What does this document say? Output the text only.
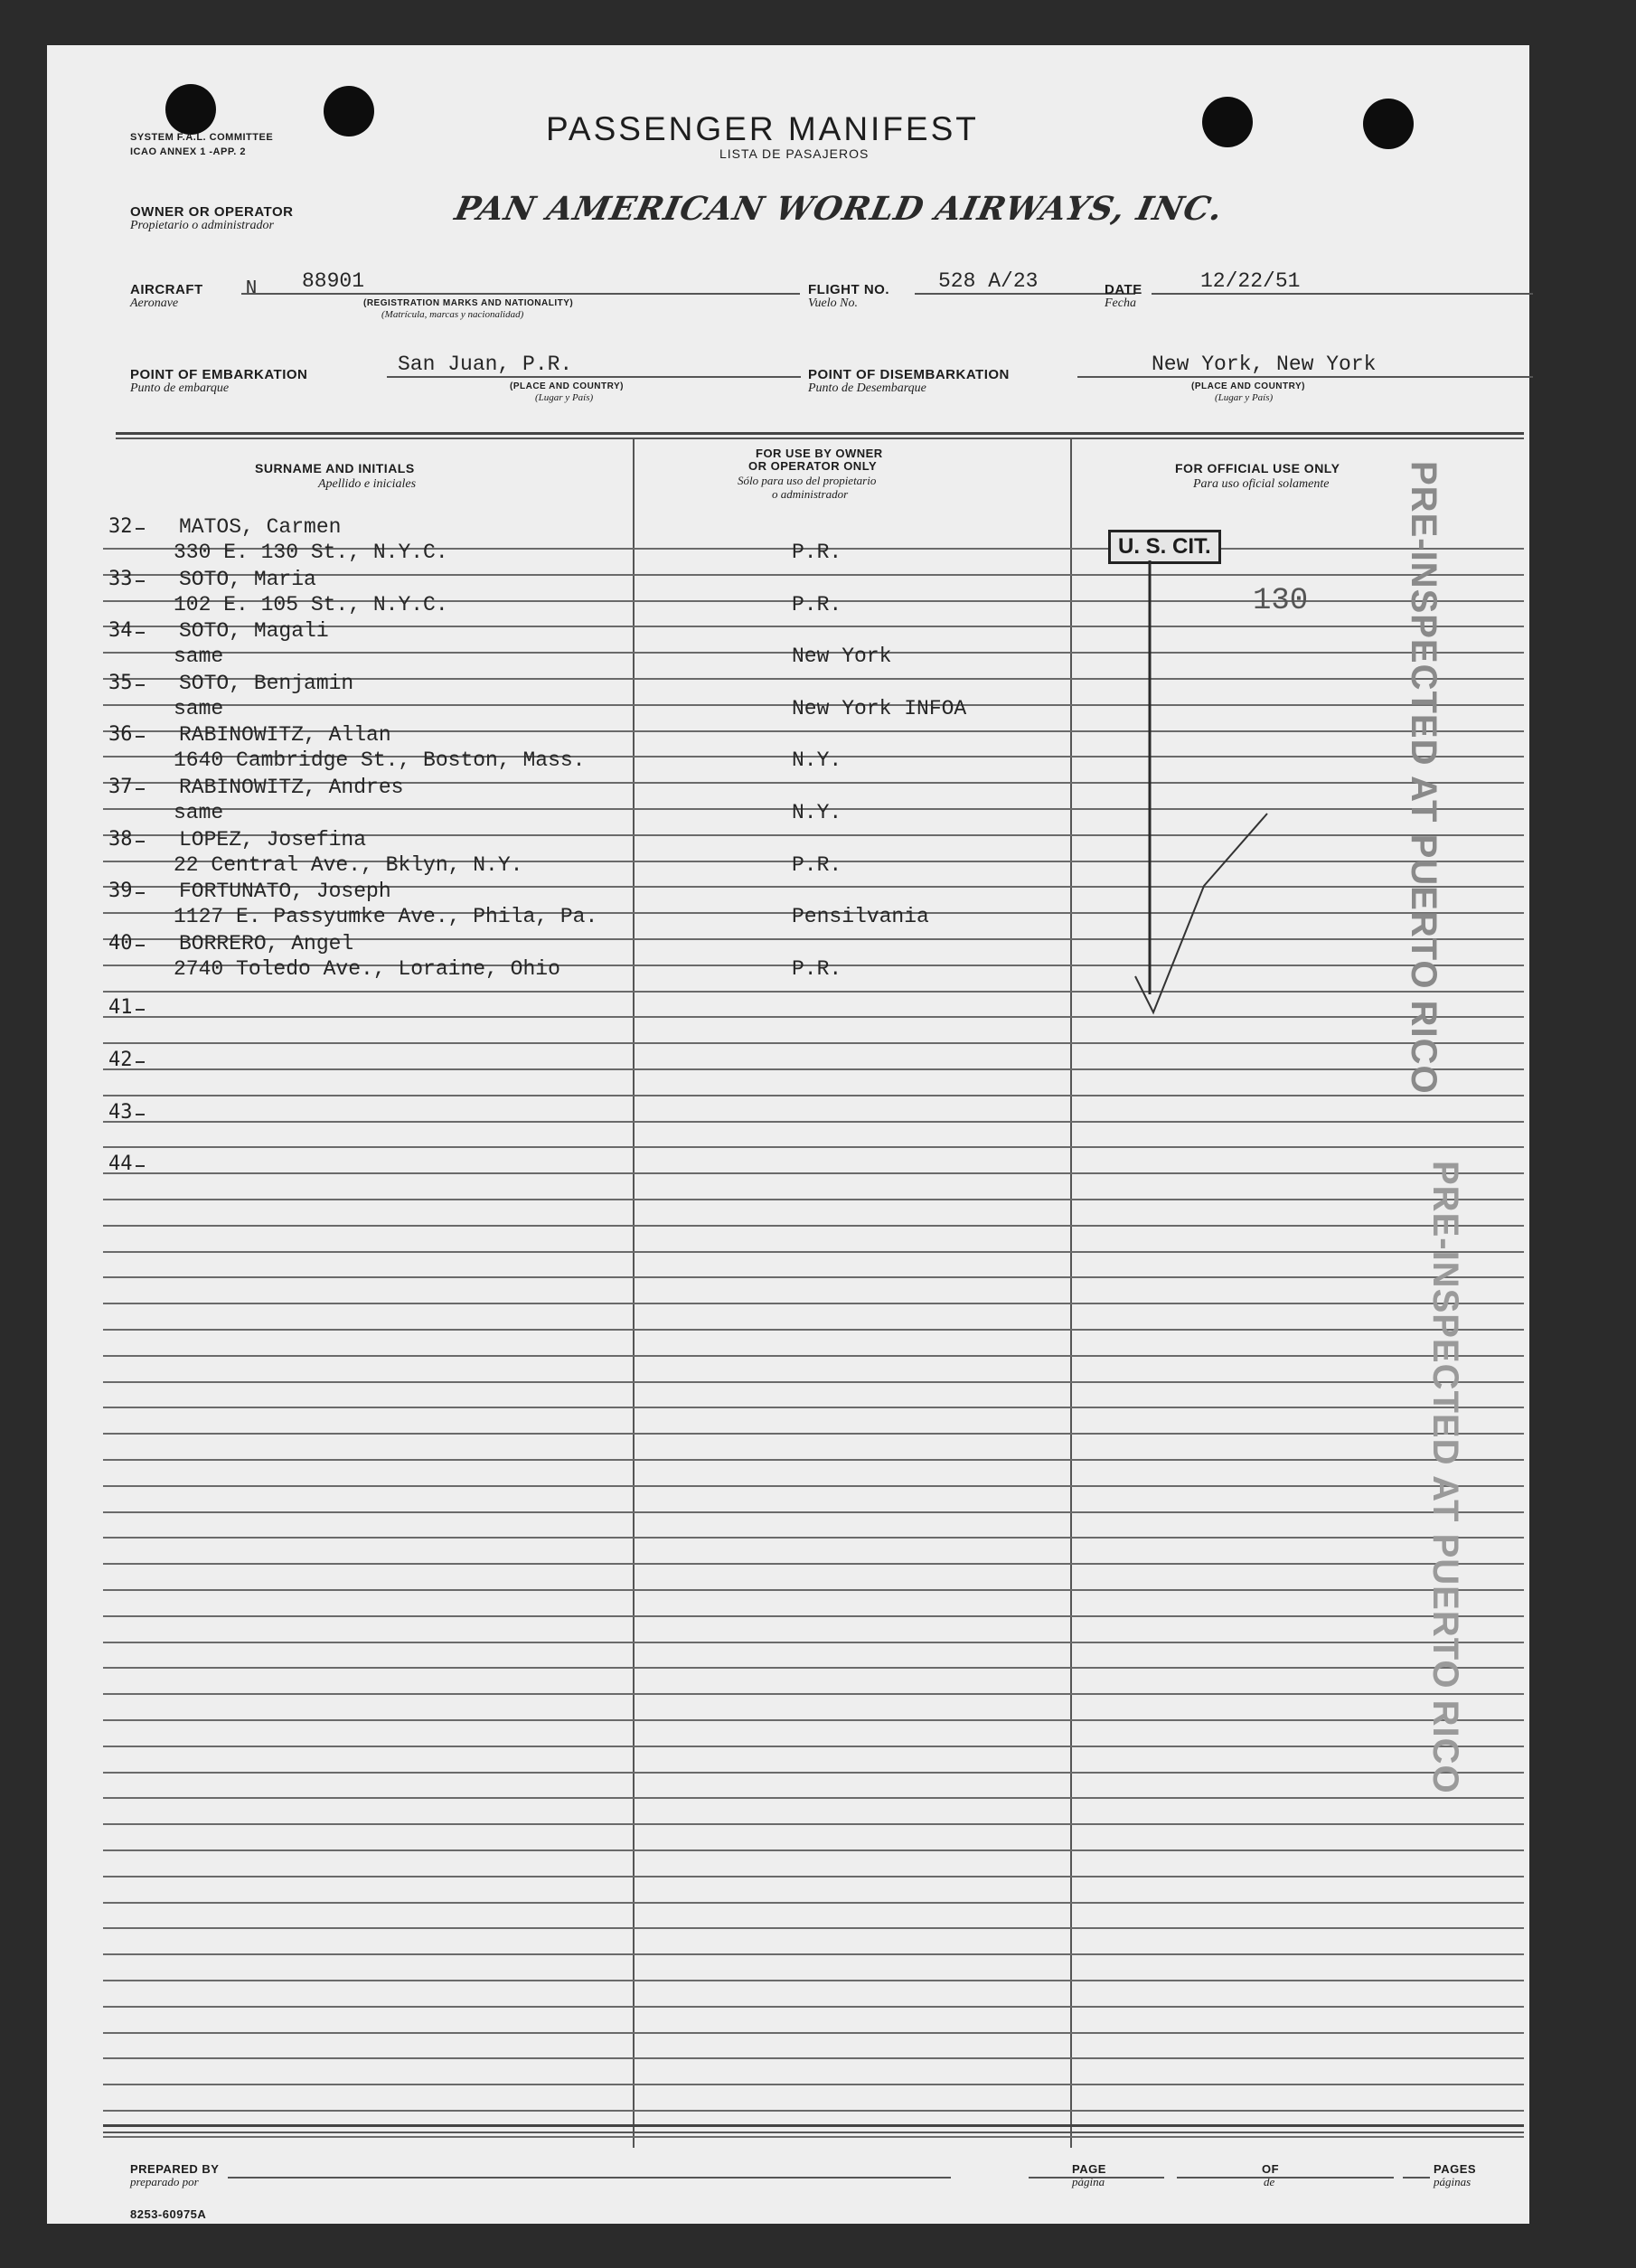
SYSTEM F.A.L. COMMITTEE
ICAO ANNEX 1 -APP. 2
PASSENGER MANIFEST
LISTA DE PASAJEROS
OWNER OR OPERATOR
Propietario o administrador	PAN AMERICAN WORLD AIRWAYS, INC.
AIRCRAFT
Aeronave
N 88901
(REGISTRATION MARKS AND NATIONALITY)
(Matrícula, marcas y nacionalidad)
FLIGHT NO.
Vuelo No.
528 A/23	DATE
Fecha
12/22/51
POINT OF EMBARKATION
Punto de embarque
San Juan, P.R.
(PLACE AND COUNTRY)
(Lugar y País)
POINT OF DISEMBARKATION
Punto de Desembarque
New York, New York
(PLACE AND COUNTRY)
(Lugar y País)
SURNAME AND INITIALS
Apellido e iniciales
FOR USE BY OWNER
OR OPERATOR ONLY
Sólo para uso del propietario
o administrador
FOR OFFICIAL USE ONLY
Para uso oficial solamente
32 MATOS, Carmen
330 E. 130 St., N.Y.C.	P.R.
33 SOTO, Maria
102 E. 105 St., N.Y.C.	P.R.
34 SOTO, Magali
same	New York
35 SOTO, Benjamin
same	New York INFOA
36 RABINOWITZ, Allan
1640 Cambridge St., Boston, Mass.	N.Y.
37 RABINOWITZ, Andres
same	N.Y.
38 LOPEZ, Josefina
22 Central Ave., Bklyn, N.Y.	P.R.
39 FORTUNATO, Joseph
1127 E. Passyumke Ave., Phila, Pa.	Pensilvania
40 BORRERO, Angel
2740 Toledo Ave., Loraine, Ohio	P.R.
41
42
43
44
U. S. CIT.
130	PRE-INSPECTED AT PUERTO RICO
PRE-INSPECTED AT PUERTO RICO
PREPARED BY
preparado por
PAGE
página
OF
de
PAGES
páginas
8253-60975A
